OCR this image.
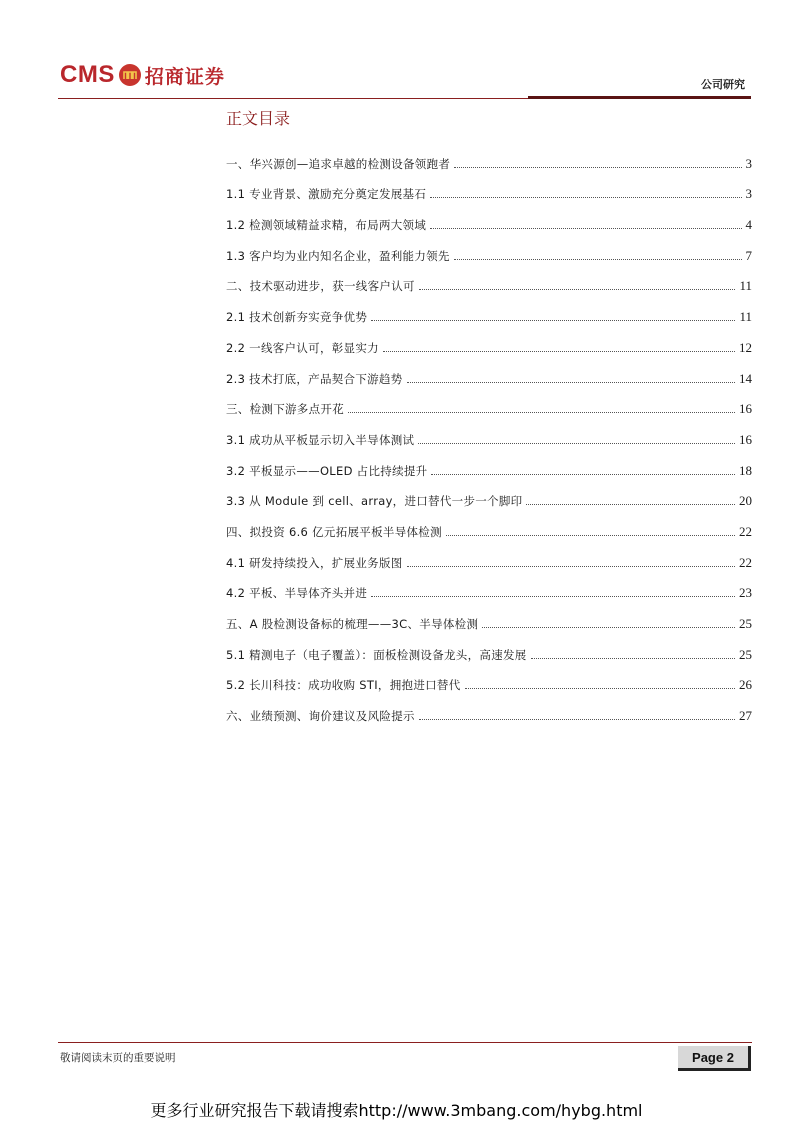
CMS 招商证券	公司研究
正文目录
一、华兴源创—追求卓越的检测设备领跑者	3
1.1 专业背景、激励充分奠定发展基石	3
1.2 检测领域精益求精，布局两大领域	4
1.3 客户均为业内知名企业，盈利能力领先	7
二、技术驱动进步，获一线客户认可	11
2.1 技术创新夯实竞争优势	11
2.2 一线客户认可，彰显实力	12
2.3 技术打底，产品契合下游趋势	14
三、检测下游多点开花	16
3.1 成功从平板显示切入半导体测试	16
3.2 平板显示——OLED 占比持续提升	18
3.3 从 Module 到 cell、array，进口替代一步一个脚印	20
四、拟投资 6.6 亿元拓展平板半导体检测	22
4.1 研发持续投入，扩展业务版图	22
4.2 平板、半导体齐头并进	23
五、A 股检测设备标的梳理——3C、半导体检测	25
5.1 精测电子（电子覆盖）：面板检测设备龙头，高速发展	25
5.2 长川科技：成功收购 STI，拥抱进口替代	26
六、业绩预测、询价建议及风险提示	27
敬请阅读末页的重要说明	Page 2
更多行业研究报告下载请搜索http://www.3mbang.com/hybg.html
